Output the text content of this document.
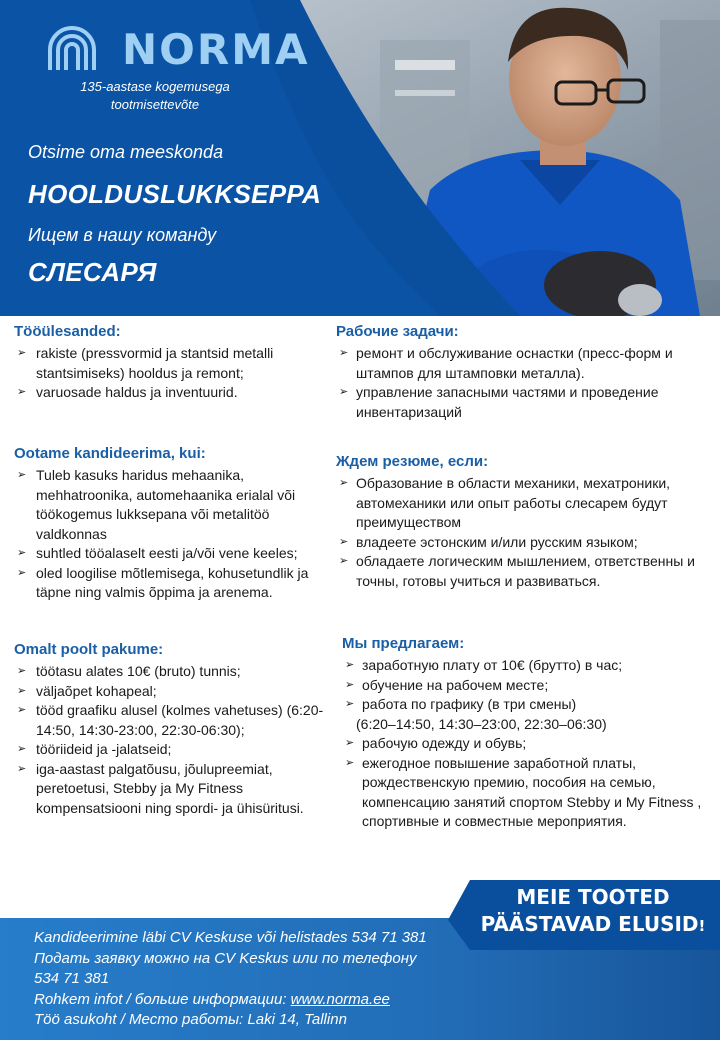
NORMA
135-aastase kogemusega
tootmisettevõte
Otsime oma meeskonda
HOOLDUSLUKKSEPPA
Ищем в нашу команду
СЛЕСАРЯ
Tööülesanded:
➢ rakiste (pressvormid ja stantsid metalli stantsimiseks) hooldus ja remont;
➢ varuosade haldus ja inventuurid.
Ootame kandideerima, kui:
➢ Tuleb kasuks haridus mehaanika, mehhatroonika, automehaanika erialal või töökogemus lukksepana või metalitöö valdkonnas
➢ suhtled tööalaselt eesti ja/või vene keeles;
➢ oled loogilise mõtlemisega, kohusetundlik ja täpne ning valmis õppima ja arenema.
Omalt poolt pakume:
➢ töötasu alates 10€ (bruto) tunnis;
➢ väljaõpet kohapeal;
➢ tööd graafiku alusel (kolmes vahetuses) (6:20-14:50, 14:30-23:00, 22:30-06:30);
➢ tööriideid ja -jalatseid;
➢ iga-aastast palgatõusu, jõulupreemiat, peretoetusi, Stebby ja My Fitness kompensatsiooni ning spordi- ja ühisüritusi.
Рабочие задачи:
➢ ремонт и обслуживание оснастки (пресс-форм и штампов для штамповки металла).
➢ управление запасными частями и проведение инвентаризаций
Ждем резюме, если:
➢ Образование в области механики, мехатроники, автомеханики или опыт работы слесарем будут преимуществом
➢ владеете эстонским и/или русским языком;
➢ обладаете логическим мышлением, ответственны и точны, готовы учиться и развиваться.
Мы предлагаем:
➢ заработную плату от 10€ (брутто) в час;
➢ обучение на рабочем месте;
➢ работа по графику (в три смены)
(6:20–14:50, 14:30–23:00, 22:30–06:30)
➢ рабочую одежду и обувь;
➢ ежегодное повышение заработной платы, рождественскую премию, пособия на семью, компенсацию занятий спортом Stebby и My Fitness , спортивные и совместные мероприятия.
MEIE TOOTED
PÄÄSTAVAD ELUSID!
Kandideerimine läbi CV Keskuse või helistades 534 71 381
Подать заявку можно на CV Keskus или по телефону
534 71 381
Rohkem infot / больше информации: www.norma.ee
Töö asukoht / Место работы: Laki 14, Tallinn
